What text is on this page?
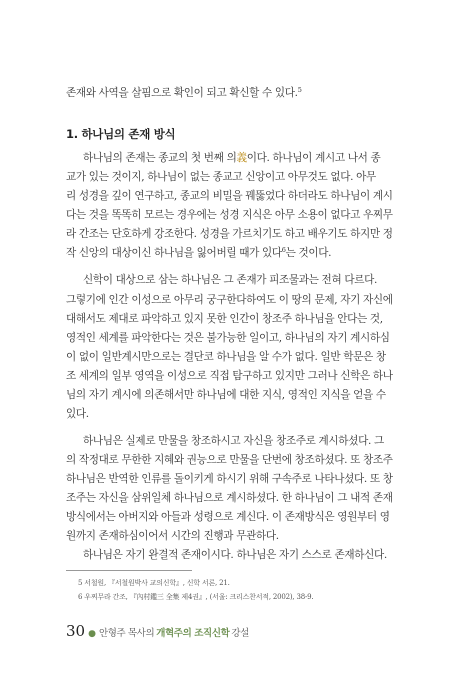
존재와 사역을 살핌으로 확인이 되고 확신할 수 있다.$^5$
1. 하나님의 존재 방식
하나님의 존재는 종교의 첫 번째 의義이다. 하나님이 계시고 나서 종
교가 있는 것이지, 하나님이 없는 종교고 신앙이고 아무것도 없다. 아무
리 성경을 깊이 연구하고, 종교의 비밀을 꿰뚫었다 하더라도 하나님이 계시
다는 것을 똑똑히 모르는 경우에는 성경 지식은 아무 소용이 없다고 우찌무
라 간조는 단호하게 강조한다. 성경을 가르치기도 하고 배우기도 하지만 정
작 신앙의 대상이신 하나님을 잃어버릴 때가 있다$^6$는 것이다.
신학이 대상으로 삼는 하나님은 그 존재가 피조물과는 전혀 다르다.
그렇기에 인간 이성으로 아무리 궁구한다하여도 이 땅의 문제, 자기 자신에
대해서도 제대로 파악하고 있지 못한 인간이 창조주 하나님을 안다는 것,
영적인 세계를 파악한다는 것은 불가능한 일이고, 하나님의 자기 계시하심
이 없이 일반계시만으로는 결단코 하나님을 알 수가 없다. 일반 학문은 창
조 세계의 일부 영역을 이성으로 직접 탐구하고 있지만 그러나 신학은 하나
님의 자기 계시에 의존해서만 하나님에 대한 지식, 영적인 지식을 얻을 수
있다.
하나님은 실제로 만물을 창조하시고 자신을 창조주로 계시하셨다. 그
의 작정대로 무한한 지혜와 권능으로 만물을 단번에 창조하셨다. 또 창조주
하나님은 반역한 인류를 돌이키게 하시기 위해 구속주로 나타나셨다. 또 창
조주는 자신을 삼위일체 하나님으로 계시하셨다. 한 하나님이 그 내적 존재
방식에서는 아버지와 아들과 성령으로 계신다. 이 존재방식은 영원부터 영
원까지 존재하심이어서 시간의 진행과 무관하다.
하나님은 자기 완결적 존재이시다. 하나님은 자기 스스로 존재하신다.
5 서철원, 『서철원박사 교의신학』, 신학 서론, 21.
6 우찌무라 간조, 『內村鑑三 全集 제4권』, (서울: 크리스찬서적, 2002), 38-9.
30 ● 안형주 목사의 개혁주의 조직신학 강설
